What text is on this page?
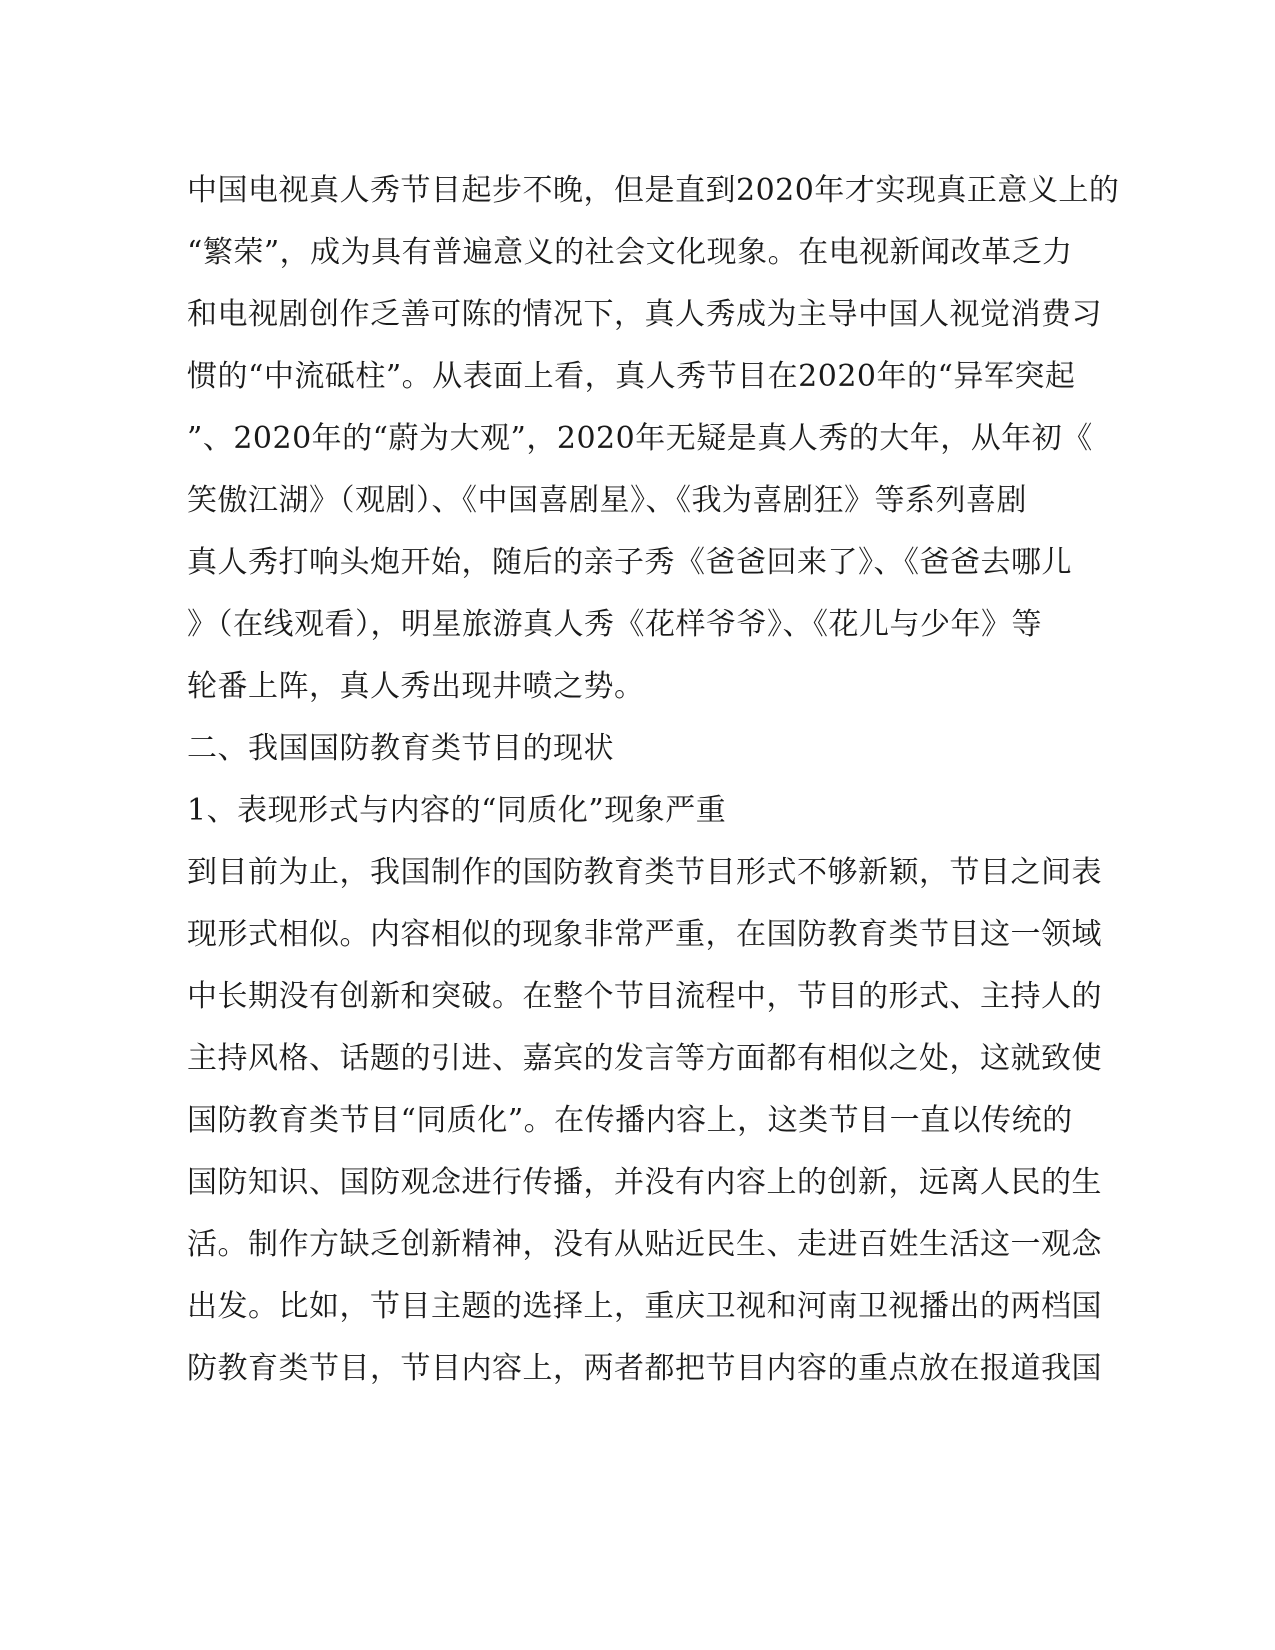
中国电视真人秀节目起步不晚，但是直到2020年才实现真正意义上的
“繁荣”，成为具有普遍意义的社会文化现象。在电视新闻改革乏力
和电视剧创作乏善可陈的情况下，真人秀成为主导中国人视觉消费习
惯的“中流砥柱”。从表面上看，真人秀节目在2020年的“异军突起
”、2020年的“蔚为大观”，2020年无疑是真人秀的大年，从年初《
笑傲江湖》（观剧）、《中国喜剧星》、《我为喜剧狂》等系列喜剧
真人秀打响头炮开始，随后的亲子秀《爸爸回来了》、《爸爸去哪儿
》（在线观看），明星旅游真人秀《花样爷爷》、《花儿与少年》等
轮番上阵，真人秀出现井喷之势。
二、我国国防教育类节目的现状
1、表现形式与内容的“同质化”现象严重
到目前为止，我国制作的国防教育类节目形式不够新颖，节目之间表
现形式相似。内容相似的现象非常严重，在国防教育类节目这一领域
中长期没有创新和突破。在整个节目流程中，节目的形式、主持人的
主持风格、话题的引进、嘉宾的发言等方面都有相似之处，这就致使
国防教育类节目“同质化”。在传播内容上，这类节目一直以传统的
国防知识、国防观念进行传播，并没有内容上的创新，远离人民的生
活。制作方缺乏创新精神，没有从贴近民生、走进百姓生活这一观念
出发。比如，节目主题的选择上，重庆卫视和河南卫视播出的两档国
防教育类节目，节目内容上，两者都把节目内容的重点放在报道我国
